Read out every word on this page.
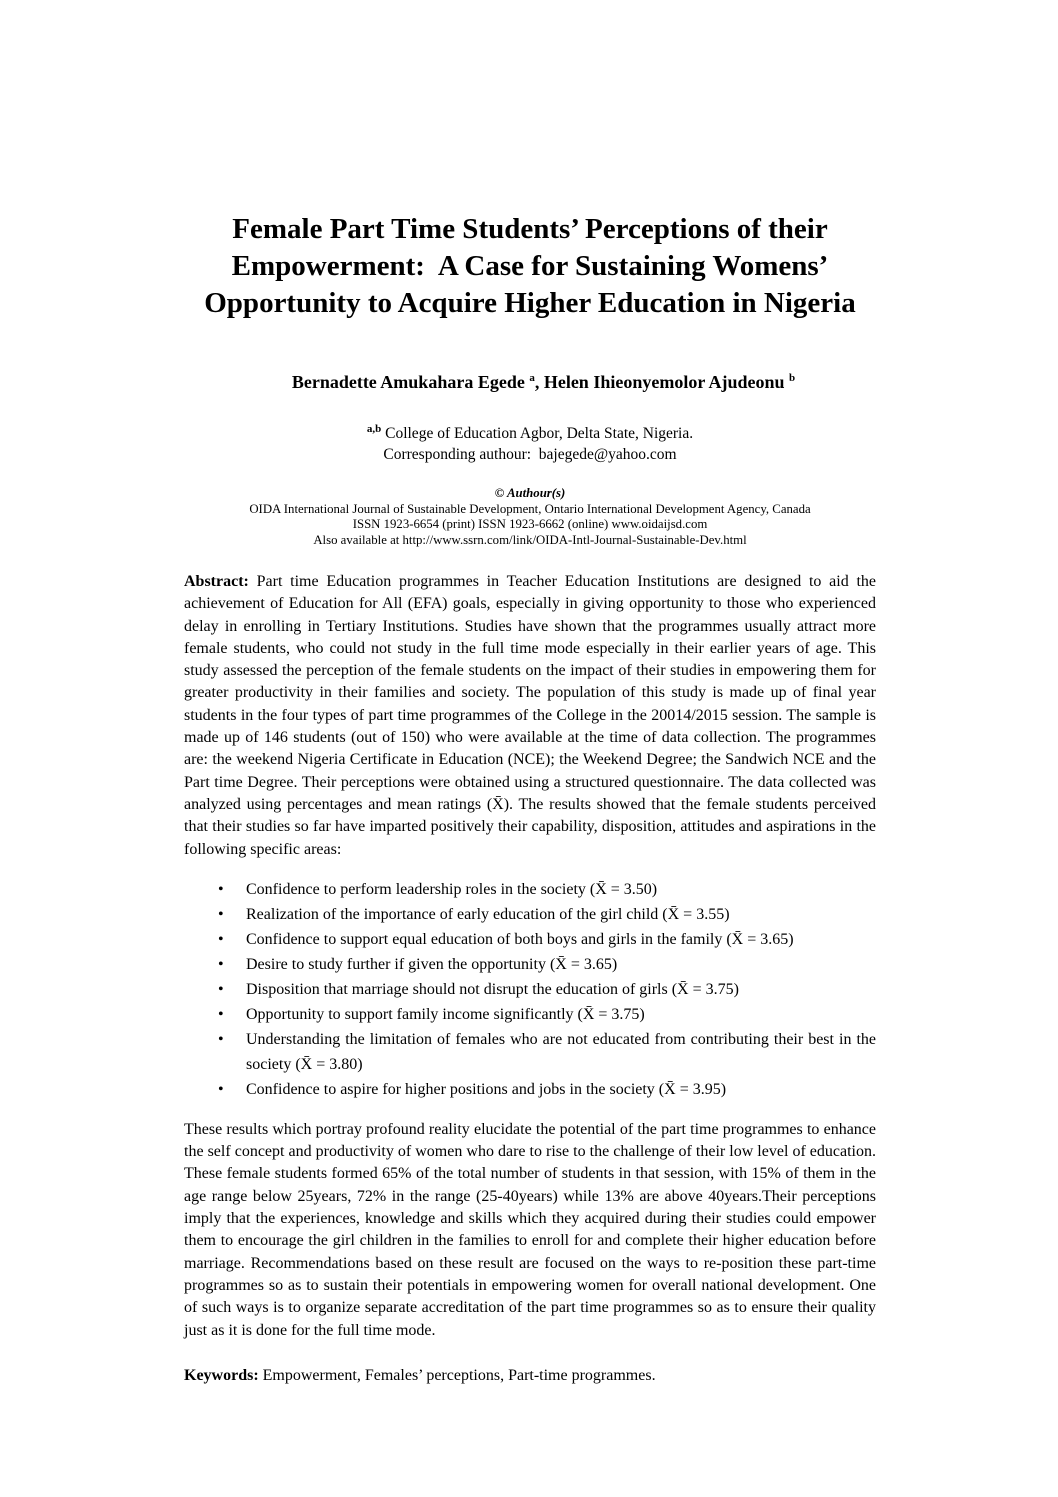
Female Part Time Students’ Perceptions of their
Empowerment:  A Case for Sustaining Womens’
Opportunity to Acquire Higher Education in Nigeria

Bernadette Amukahara Egede $^a$, Helen Ihieonyemolor Ajudeonu $^b$

$^{a,b}$ College of Education Agbor, Delta State, Nigeria.
Corresponding authour:  bajegede@yahoo.com
© Authour(s)
OIDA International Journal of Sustainable Development, Ontario International Development Agency, Canada
ISSN 1923-6654 (print) ISSN 1923-6662 (online) www.oidaijsd.com
Also available at http://www.ssrn.com/link/OIDA-Intl-Journal-Sustainable-Dev.html

Abstract: Part time Education programmes in Teacher Education Institutions are designed to aid the achievement of Education for All (EFA) goals, especially in giving opportunity to those who experienced delay in enrolling in Tertiary Institutions. Studies have shown that the programmes usually attract more female students, who could not study in the full time mode especially in their earlier years of age. This study assessed the perception of the female students on the impact of their studies in empowering them for greater productivity in their families and society. The population of this study is made up of final year students in the four types of part time programmes of the College in the 20014/2015 session. The sample is made up of 146 students (out of 150) who were available at the time of data collection. The programmes are: the weekend Nigeria Certificate in Education (NCE); the Weekend Degree; the Sandwich NCE and the Part time Degree. Their perceptions were obtained using a structured questionnaire. The data collected was analyzed using percentages and mean ratings (X̄). The results showed that the female students perceived that their studies so far have imparted positively their capability, disposition, attitudes and aspirations in the following specific areas:

• Confidence to perform leadership roles in the society (X̄ = 3.50)
• Realization of the importance of early education of the girl child (X̄ = 3.55)
• Confidence to support equal education of both boys and girls in the family (X̄ = 3.65)
• Desire to study further if given the opportunity (X̄ = 3.65)
• Disposition that marriage should not disrupt the education of girls (X̄ = 3.75)
• Opportunity to support family income significantly (X̄ = 3.75)
• Understanding the limitation of females who are not educated from contributing their best in the society (X̄ = 3.80)
• Confidence to aspire for higher positions and jobs in the society (X̄ = 3.95)

These results which portray profound reality elucidate the potential of the part time programmes to enhance the self concept and productivity of women who dare to rise to the challenge of their low level of education. These female students formed 65% of the total number of students in that session, with 15% of them in the age range below 25years, 72% in the range (25-40years) while 13% are above 40years.Their perceptions imply that the experiences, knowledge and skills which they acquired during their studies could empower them to encourage the girl children in the families to enroll for and complete their higher education before marriage. Recommendations based on these result are focused on the ways to re-position these part-time programmes so as to sustain their potentials in empowering women for overall national development. One of such ways is to organize separate accreditation of the part time programmes so as to ensure their quality just as it is done for the full time mode.

Keywords: Empowerment, Females’ perceptions, Part-time programmes.
